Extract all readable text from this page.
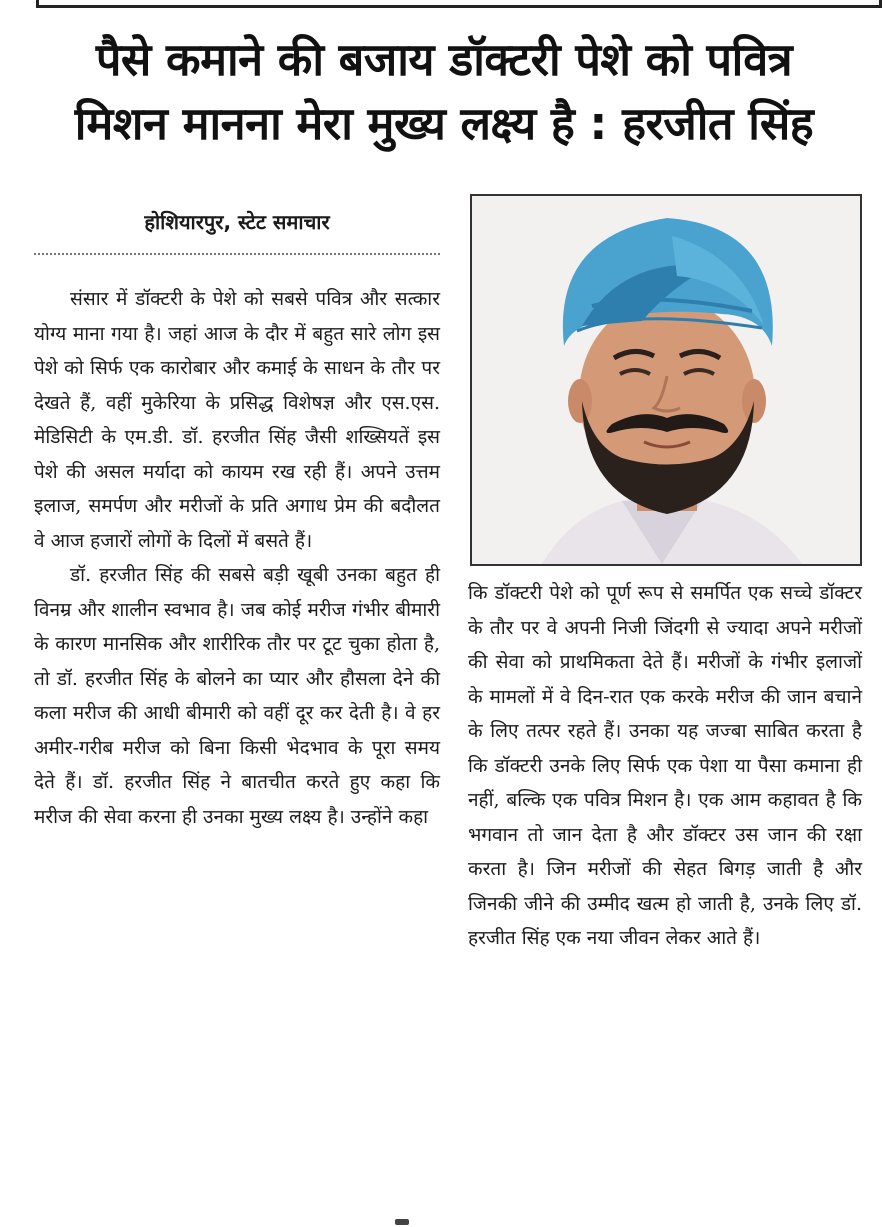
पैसे कमाने की बजाय डॉक्टरी पेशे को पवित्र
मिशन मानना मेरा मुख्य लक्ष्य है : हरजीत सिंह
होशियारपुर, स्टेट समाचार

संसार में डॉक्टरी के पेशे को सबसे पवित्र और सत्कार योग्य माना गया है। जहां आज के दौर में बहुत सारे लोग इस पेशे को सिर्फ एक कारोबार और कमाई के साधन के तौर पर देखते हैं, वहीं मुकेरिया के प्रसिद्ध विशेषज्ञ और एस.एस. मेडिसिटी के एम.डी. डॉ. हरजीत सिंह जैसी शख्सियतें इस पेशे की असल मर्यादा को कायम रख रही हैं। अपने उत्तम इलाज, समर्पण और मरीजों के प्रति अगाध प्रेम की बदौलत वे आज हजारों लोगों के दिलों में बसते हैं।

डॉ. हरजीत सिंह की सबसे बड़ी खूबी उनका बहुत ही विनम्र और शालीन स्वभाव है। जब कोई मरीज गंभीर बीमारी के कारण मानसिक और शारीरिक तौर पर टूट चुका होता है, तो डॉ. हरजीत सिंह के बोलने का प्यार और हौसला देने की कला मरीज की आधी बीमारी को वहीं दूर कर देती है। वे हर अमीर-गरीब मरीज को बिना किसी भेदभाव के पूरा समय देते हैं। डॉ. हरजीत सिंह ने बातचीत करते हुए कहा कि मरीज की सेवा करना ही उनका मुख्य लक्ष्य है। उन्होंने कहा

कि डॉक्टरी पेशे को पूर्ण रूप से समर्पित एक सच्चे डॉक्टर के तौर पर वे अपनी निजी जिंदगी से ज्यादा अपने मरीजों की सेवा को प्राथमिकता देते हैं। मरीजों के गंभीर इलाजों के मामलों में वे दिन-रात एक करके मरीज की जान बचाने के लिए तत्पर रहते हैं। उनका यह जज्बा साबित करता है कि डॉक्टरी उनके लिए सिर्फ एक पेशा या पैसा कमाना ही नहीं, बल्कि एक पवित्र मिशन है। एक आम कहावत है कि भगवान तो जान देता है और डॉक्टर उस जान की रक्षा करता है। जिन मरीजों की सेहत बिगड़ जाती है और जिनकी जीने की उम्मीद खत्म हो जाती है, उनके लिए डॉ. हरजीत सिंह एक नया जीवन लेकर आते हैं।
